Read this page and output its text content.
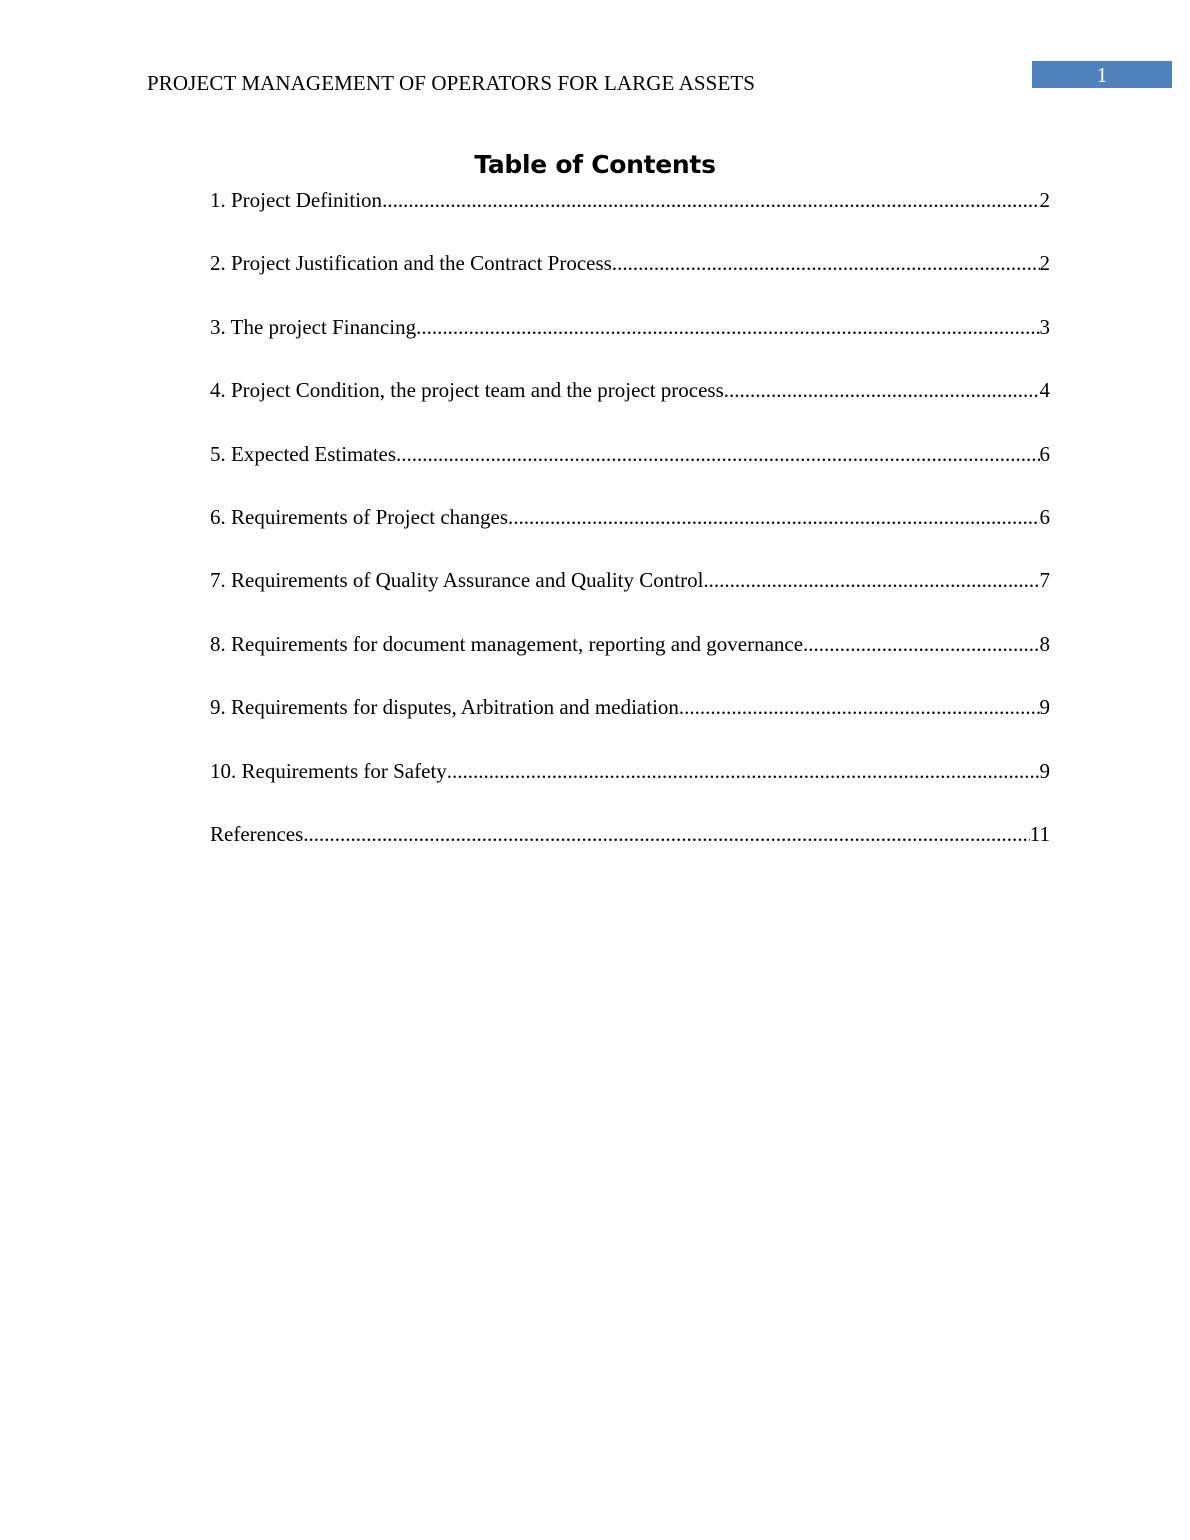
PROJECT MANAGEMENT OF OPERATORS FOR LARGE ASSETS	1
Table of Contents
1. Project Definition .....	2
2. Project Justification and the Contract Process .....	2
3. The project Financing .....	3
4. Project Condition, the project team and the project process .....	4
5. Expected Estimates .....	6
6. Requirements of Project changes .....	6
7. Requirements of Quality Assurance and Quality Control .....	7
8. Requirements for document management, reporting and governance .....	8
9. Requirements for disputes, Arbitration and mediation .....	9
10. Requirements for Safety .....	9
References .....	11
